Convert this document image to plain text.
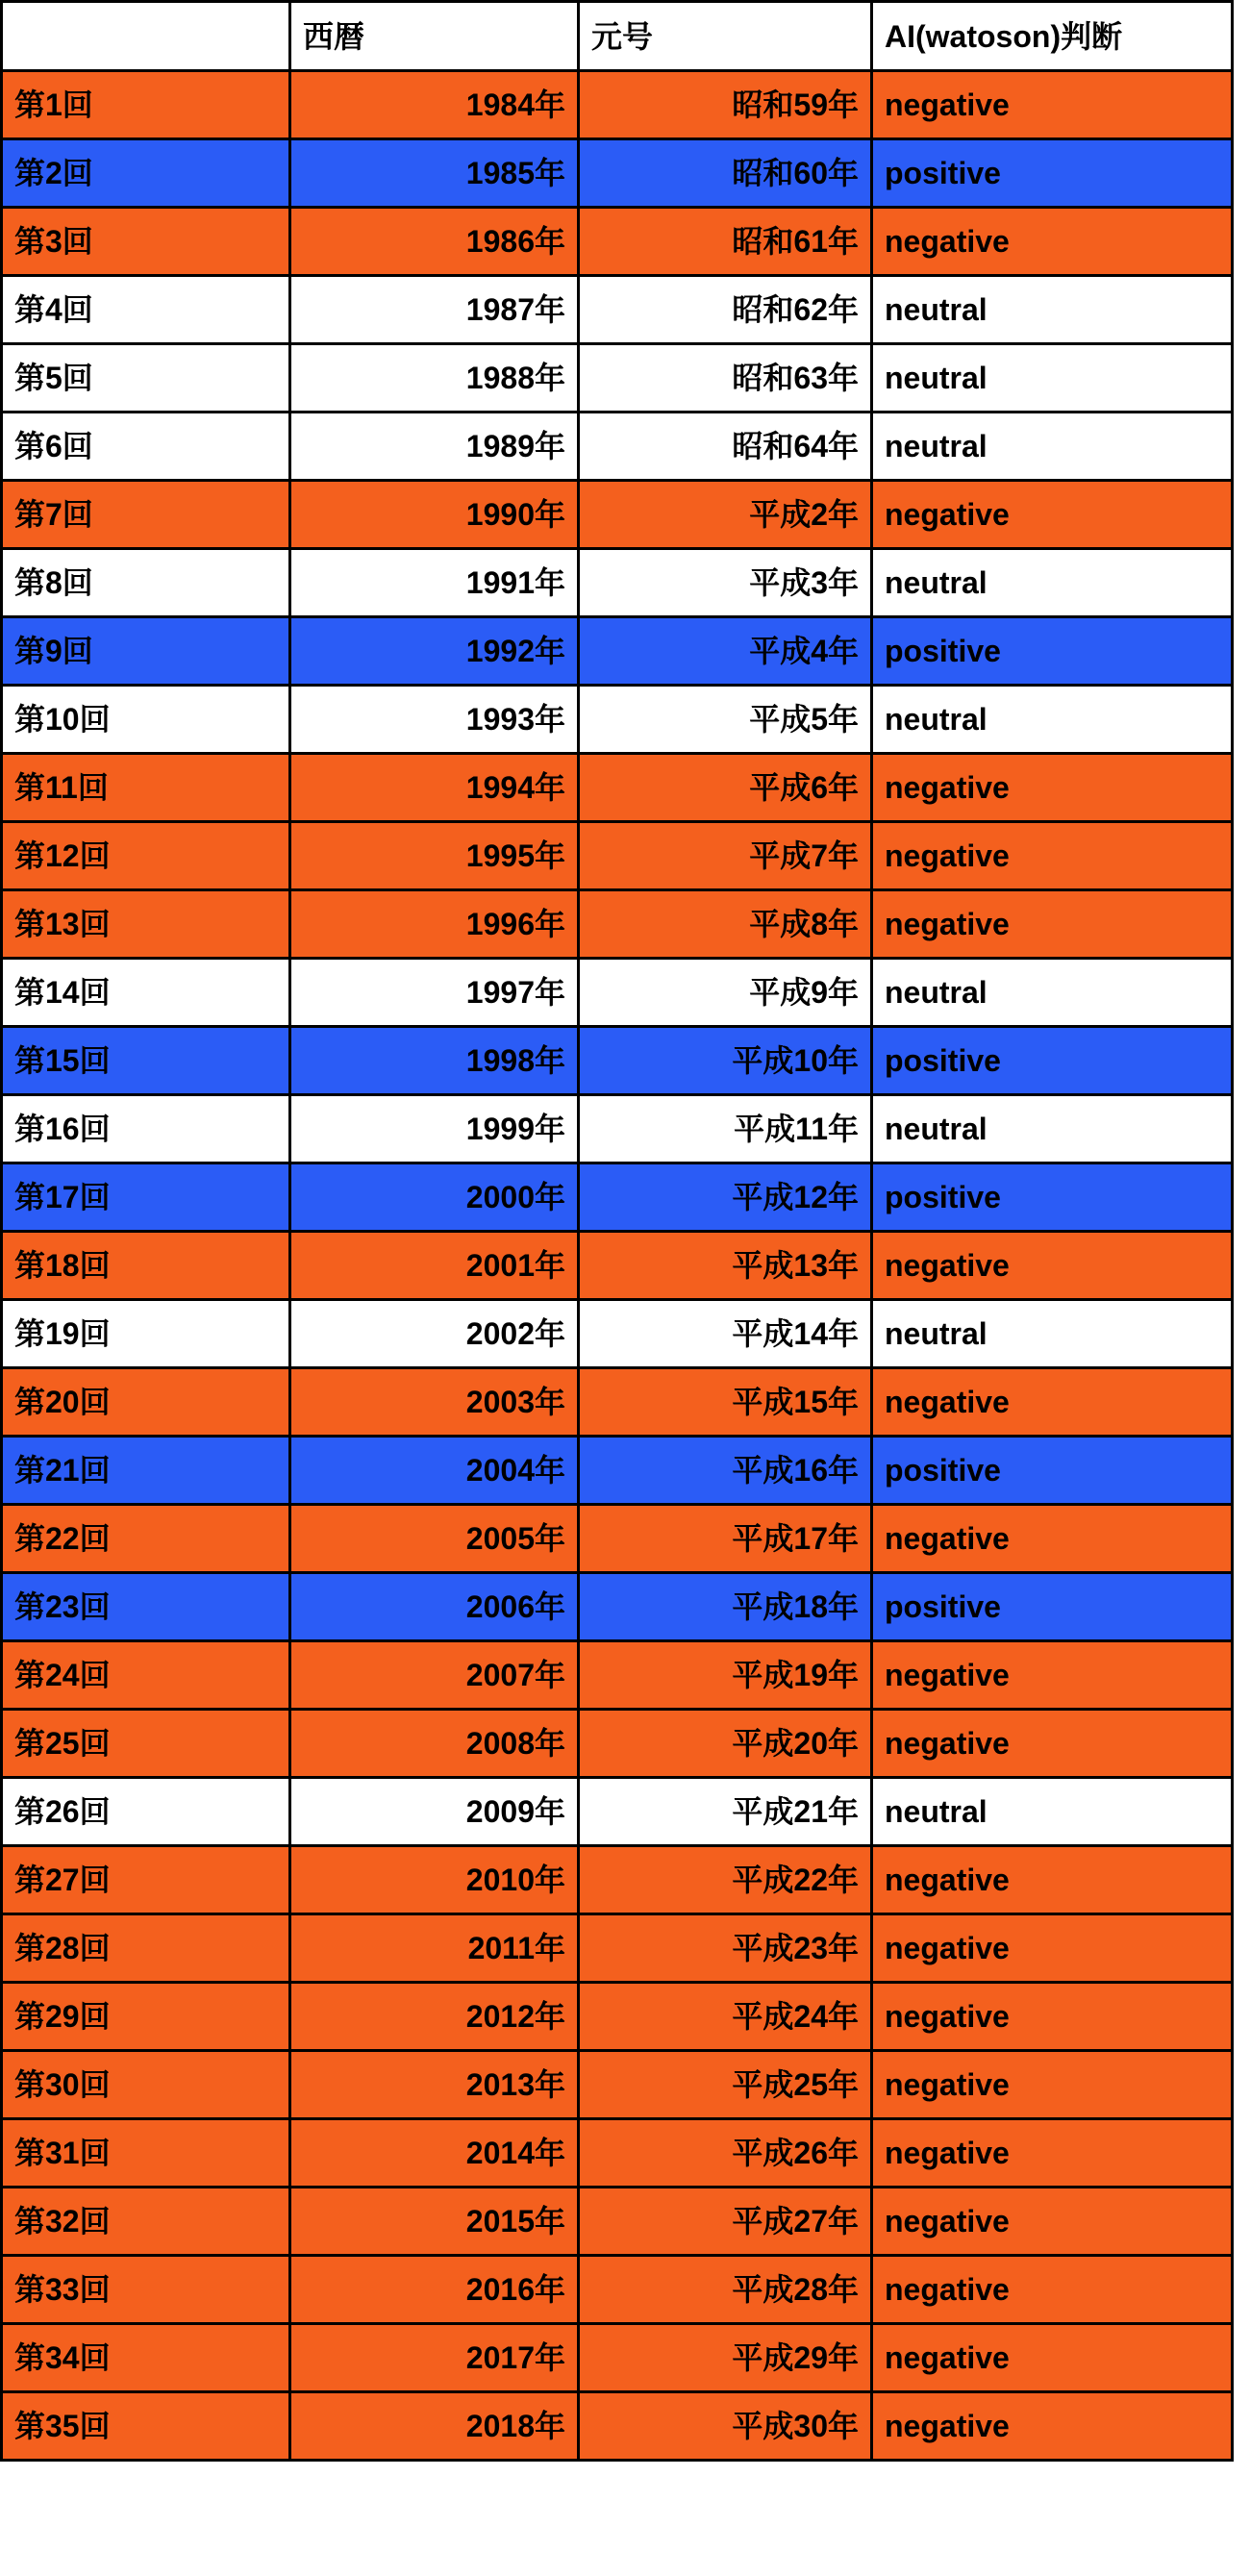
	西暦	元号	AI(watoson)判断
第1回	1984年	昭和59年	negative
第2回	1985年	昭和60年	positive
第3回	1986年	昭和61年	negative
第4回	1987年	昭和62年	neutral
第5回	1988年	昭和63年	neutral
第6回	1989年	昭和64年	neutral
第7回	1990年	平成2年	negative
第8回	1991年	平成3年	neutral
第9回	1992年	平成4年	positive
第10回	1993年	平成5年	neutral
第11回	1994年	平成6年	negative
第12回	1995年	平成7年	negative
第13回	1996年	平成8年	negative
第14回	1997年	平成9年	neutral
第15回	1998年	平成10年	positive
第16回	1999年	平成11年	neutral
第17回	2000年	平成12年	positive
第18回	2001年	平成13年	negative
第19回	2002年	平成14年	neutral
第20回	2003年	平成15年	negative
第21回	2004年	平成16年	positive
第22回	2005年	平成17年	negative
第23回	2006年	平成18年	positive
第24回	2007年	平成19年	negative
第25回	2008年	平成20年	negative
第26回	2009年	平成21年	neutral
第27回	2010年	平成22年	negative
第28回	2011年	平成23年	negative
第29回	2012年	平成24年	negative
第30回	2013年	平成25年	negative
第31回	2014年	平成26年	negative
第32回	2015年	平成27年	negative
第33回	2016年	平成28年	negative
第34回	2017年	平成29年	negative
第35回	2018年	平成30年	negative
